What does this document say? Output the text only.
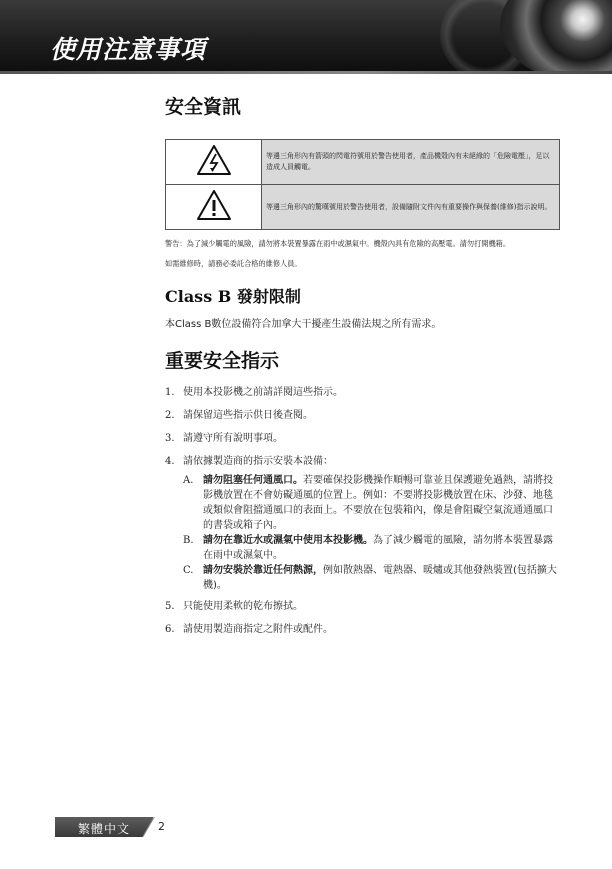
使用注意事項
安全資訊
	等邊三角形內有箭頭的閃電符號用於警告使用者，產品機殼內有未絕緣的「危險電壓」，足以造成人員觸電。
	等邊三角形內的驚嘆號用於警告使用者，設備隨附文件內有重要操作與保養(維修)指示說明。
警告：為了減少觸電的風險，請勿將本裝置暴露在雨中或濕氣中。機殼內具有危險的高壓電。請勿打開機箱。
如需維修時，請務必委託合格的維修人員。
Class B 發射限制
本Class B數位設備符合加拿大干擾產生設備法規之所有需求。
重要安全指示
1. 使用本投影機之前請詳閱這些指示。
2. 請保留這些指示供日後查閱。
3. 請遵守所有說明事項。
4. 請依據製造商的指示安裝本設備：
A. 請勿阻塞任何通風口。若要確保投影機操作順暢可靠並且保護避免過熱，請將投影機放置在不會妨礙通風的位置上。例如：不要將投影機放置在床、沙發、地毯或類似會阻擋通風口的表面上。不要放在包裝箱內，像是會阻礙空氣流通通風口的書袋或箱子內。
B. 請勿在靠近水或濕氣中使用本投影機。為了減少觸電的風險，請勿將本裝置暴露在雨中或濕氣中。
C. 請勿安裝於靠近任何熱源，例如散熱器、電熱器、暖爐或其他發熱裝置(包括擴大機)。
5. 只能使用柔軟的乾布擦拭。
6. 請使用製造商指定之附件或配件。
繁體中文	2
